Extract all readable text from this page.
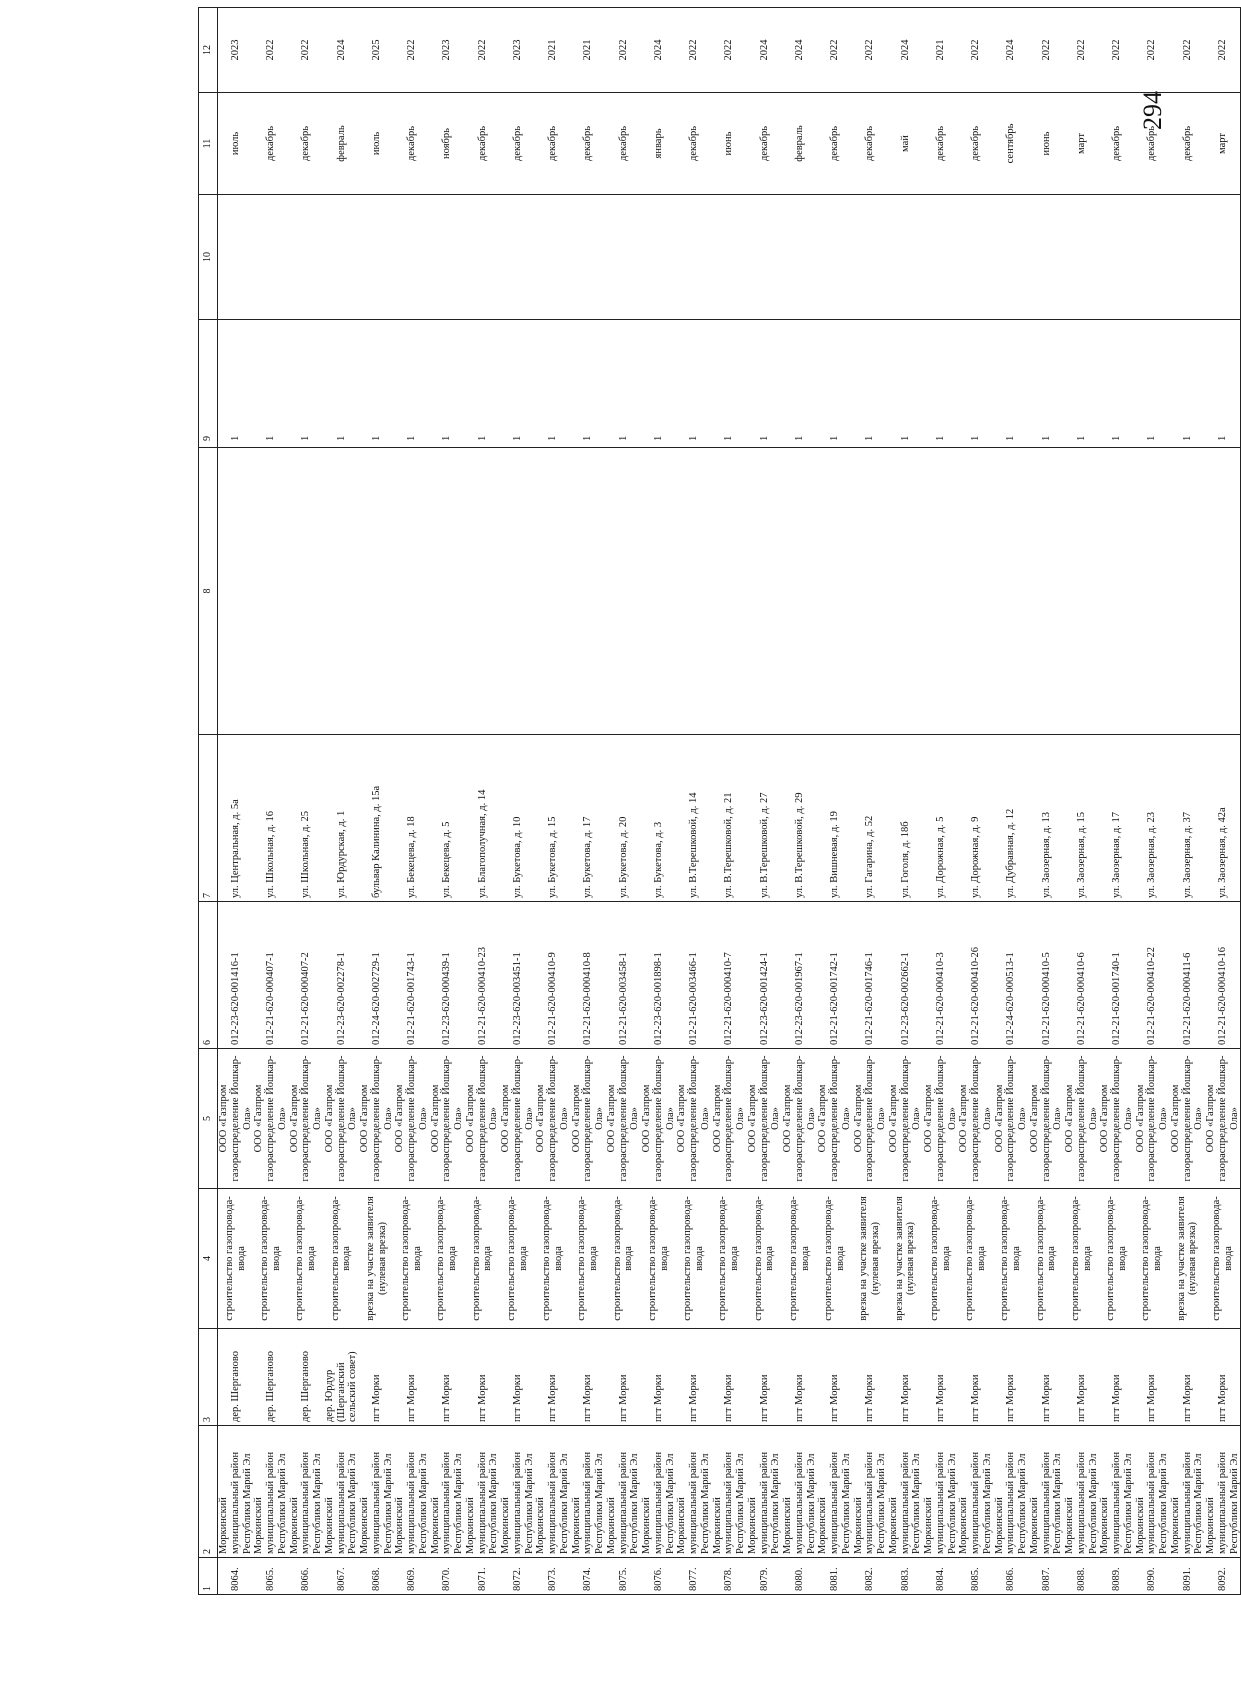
294
1	2	3	4	5	6	7	8	9	10	11	12
8064.	Моркинский муниципальный район Республики Марий Эл	дер. Шерганово	строительство газопровода-ввода	ООО «Газпром газораспределение Йошкар-Ола»	012-23-620-001416-1	ул. Центральная, д. 5а		1		июль	2023
8065.	Моркинский муниципальный район Республики Марий Эл	дер. Шерганово	строительство газопровода-ввода	ООО «Газпром газораспределение Йошкар-Ола»	012-21-620-000407-1	ул. Школьная, д. 16		1		декабрь	2022
8066.	Моркинский муниципальный район Республики Марий Эл	дер. Шерганово	строительство газопровода-ввода	ООО «Газпром газораспределение Йошкар-Ола»	012-21-620-000407-2	ул. Школьная, д. 25		1		декабрь	2022
8067.	Моркинский муниципальный район Республики Марий Эл	дер. Юрдур (Шерганский сельский совет)	строительство газопровода-ввода	ООО «Газпром газораспределение Йошкар-Ола»	012-23-620-002278-1	ул. Юрдурская, д. 1		1		февраль	2024
8068.	Моркинский муниципальный район Республики Марий Эл	пгт Морки	врезка на участке заявителя (нулевая врезка)	ООО «Газпром газораспределение Йошкар-Ола»	012-24-620-002729-1	бульвар Калинина, д. 15а		1		июль	2025
8069.	Моркинский муниципальный район Республики Марий Эл	пгт Морки	строительство газопровода-ввода	ООО «Газпром газораспределение Йошкар-Ола»	012-21-620-001743-1	ул. Бекецева, д. 18		1		декабрь	2022
8070.	Моркинский муниципальный район Республики Марий Эл	пгт Морки	строительство газопровода-ввода	ООО «Газпром газораспределение Йошкар-Ола»	012-23-620-000439-1	ул. Бекецева, д. 5		1		ноябрь	2023
8071.	Моркинский муниципальный район Республики Марий Эл	пгт Морки	строительство газопровода-ввода	ООО «Газпром газораспределение Йошкар-Ола»	012-21-620-000410-23	ул. Благополучная, д. 14		1		декабрь	2022
8072.	Моркинский муниципальный район Республики Марий Эл	пгт Морки	строительство газопровода-ввода	ООО «Газпром газораспределение Йошкар-Ола»	012-23-620-003451-1	ул. Букетова, д. 10		1		декабрь	2023
8073.	Моркинский муниципальный район Республики Марий Эл	пгт Морки	строительство газопровода-ввода	ООО «Газпром газораспределение Йошкар-Ола»	012-21-620-000410-9	ул. Букетова, д. 15		1		декабрь	2021
8074.	Моркинский муниципальный район Республики Марий Эл	пгт Морки	строительство газопровода-ввода	ООО «Газпром газораспределение Йошкар-Ола»	012-21-620-000410-8	ул. Букетова, д. 17		1		декабрь	2021
8075.	Моркинский муниципальный район Республики Марий Эл	пгт Морки	строительство газопровода-ввода	ООО «Газпром газораспределение Йошкар-Ола»	012-21-620-003458-1	ул. Букетова, д. 20		1		декабрь	2022
8076.	Моркинский муниципальный район Республики Марий Эл	пгт Морки	строительство газопровода-ввода	ООО «Газпром газораспределение Йошкар-Ола»	012-23-620-001898-1	ул. Букетова, д. 3		1		январь	2024
8077.	Моркинский муниципальный район Республики Марий Эл	пгт Морки	строительство газопровода-ввода	ООО «Газпром газораспределение Йошкар-Ола»	012-21-620-003466-1	ул. В.Терешковой, д. 14		1		декабрь	2022
8078.	Моркинский муниципальный район Республики Марий Эл	пгт Морки	строительство газопровода-ввода	ООО «Газпром газораспределение Йошкар-Ола»	012-21-620-000410-7	ул. В.Терешковой, д. 21		1		июнь	2022
8079.	Моркинский муниципальный район Республики Марий Эл	пгт Морки	строительство газопровода-ввода	ООО «Газпром газораспределение Йошкар-Ола»	012-23-620-001424-1	ул. В.Терешковой, д. 27		1		декабрь	2024
8080.	Моркинский муниципальный район Республики Марий Эл	пгт Морки	строительство газопровода-ввода	ООО «Газпром газораспределение Йошкар-Ола»	012-23-620-001967-1	ул. В.Терешковой, д. 29		1		февраль	2024
8081.	Моркинский муниципальный район Республики Марий Эл	пгт Морки	строительство газопровода-ввода	ООО «Газпром газораспределение Йошкар-Ола»	012-21-620-001742-1	ул. Вишневая, д. 19		1		декабрь	2022
8082.	Моркинский муниципальный район Республики Марий Эл	пгт Морки	врезка на участке заявителя (нулевая врезка)	ООО «Газпром газораспределение Йошкар-Ола»	012-21-620-001746-1	ул. Гагарина, д. 52		1		декабрь	2022
8083.	Моркинский муниципальный район Республики Марий Эл	пгт Морки	врезка на участке заявителя (нулевая врезка)	ООО «Газпром газораспределение Йошкар-Ола»	012-23-620-002662-1	ул. Гоголя, д. 18б		1		май	2024
8084.	Моркинский муниципальный район Республики Марий Эл	пгт Морки	строительство газопровода-ввода	ООО «Газпром газораспределение Йошкар-Ола»	012-21-620-000410-3	ул. Дорожная, д. 5		1		декабрь	2021
8085.	Моркинский муниципальный район Республики Марий Эл	пгт Морки	строительство газопровода-ввода	ООО «Газпром газораспределение Йошкар-Ола»	012-21-620-000410-26	ул. Дорожная, д. 9		1		декабрь	2022
8086.	Моркинский муниципальный район Республики Марий Эл	пгт Морки	строительство газопровода-ввода	ООО «Газпром газораспределение Йошкар-Ола»	012-24-620-000513-1	ул. Дубравная, д. 12		1		сентябрь	2024
8087.	Моркинский муниципальный район Республики Марий Эл	пгт Морки	строительство газопровода-ввода	ООО «Газпром газораспределение Йошкар-Ола»	012-21-620-000410-5	ул. Заозерная, д. 13		1		июнь	2022
8088.	Моркинский муниципальный район Республики Марий Эл	пгт Морки	строительство газопровода-ввода	ООО «Газпром газораспределение Йошкар-Ола»	012-21-620-000410-6	ул. Заозерная, д. 15		1		март	2022
8089.	Моркинский муниципальный район Республики Марий Эл	пгт Морки	строительство газопровода-ввода	ООО «Газпром газораспределение Йошкар-Ола»	012-21-620-001740-1	ул. Заозерная, д. 17		1		декабрь	2022
8090.	Моркинский муниципальный район Республики Марий Эл	пгт Морки	строительство газопровода-ввода	ООО «Газпром газораспределение Йошкар-Ола»	012-21-620-000410-22	ул. Заозерная, д. 23		1		декабрь	2022
8091.	Моркинский муниципальный район Республики Марий Эл	пгт Морки	врезка на участке заявителя (нулевая врезка)	ООО «Газпром газораспределение Йошкар-Ола»	012-21-620-000411-6	ул. Заозерная, д. 37		1		декабрь	2022
8092.	Моркинский муниципальный район Республики Марий Эл	пгт Морки	строительство газопровода-ввода	ООО «Газпром газораспределение Йошкар-Ола»	012-21-620-000410-16	ул. Заозерная, д. 42а		1		март	2022
